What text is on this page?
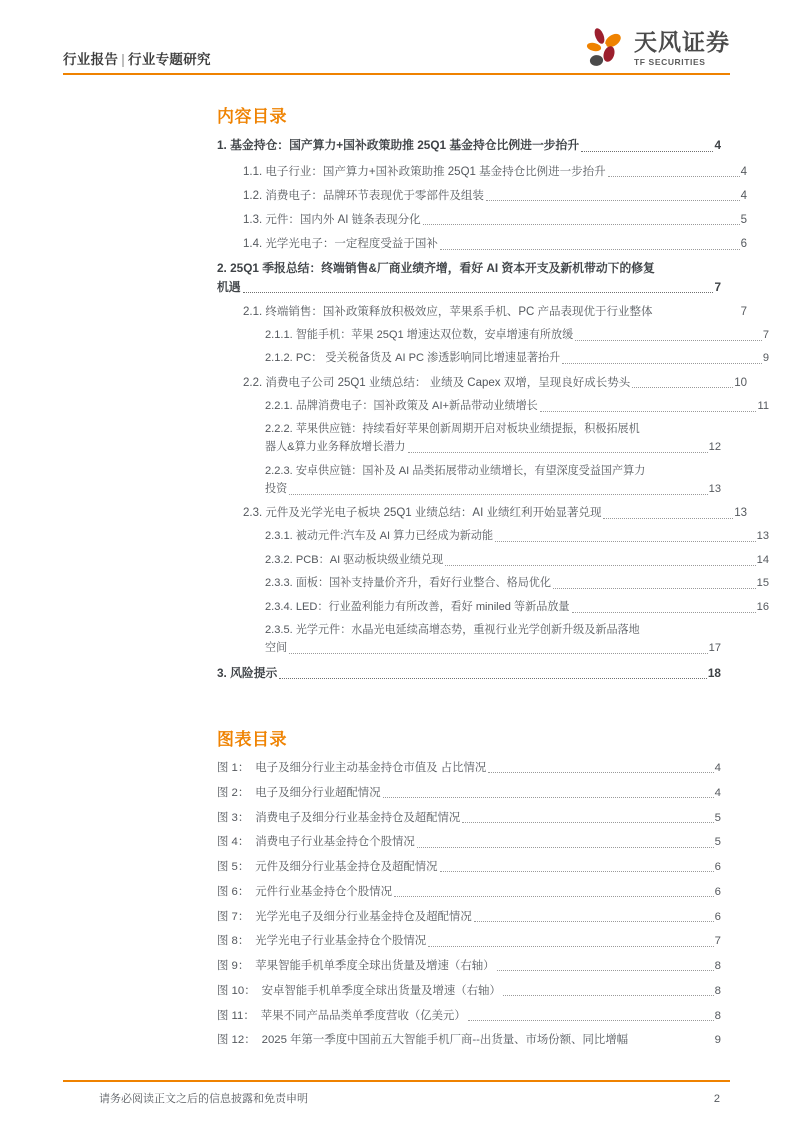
行业报告 | 行业专题研究
天风证券
TF SECURITIES
内容目录
1. 基金持仓：国产算力+国补政策助推 25Q1 基金持仓比例进一步抬升	4
1.1. 电子行业：国产算力+国补政策助推 25Q1 基金持仓比例进一步抬升	4
1.2. 消费电子：品牌环节表现优于零部件及组装	4
1.3. 元件：国内外 AI 链条表现分化	5
1.4. 光学光电子：一定程度受益于国补	6
2. 25Q1 季报总结：终端销售&厂商业绩齐增，看好 AI 资本开支及新机带动下的修复
机遇	7
2.1. 终端销售：国补政策释放积极效应，苹果系手机、PC 产品表现优于行业整体	7
2.1.1. 智能手机：苹果 25Q1 增速达双位数，安卓增速有所放缓	7
2.1.2. PC： 受关税备货及 AI PC 渗透影响同比增速显著抬升	9
2.2. 消费电子公司 25Q1 业绩总结： 业绩及 Capex 双增，呈现良好成长势头	10
2.2.1. 品牌消费电子：国补政策及 AI+新品带动业绩增长	11
2.2.2. 苹果供应链：持续看好苹果创新周期开启对板块业绩提振，积极拓展机
器人&算力业务释放增长潜力	12
2.2.3. 安卓供应链：国补及 AI 品类拓展带动业绩增长，有望深度受益国产算力
投资	13
2.3. 元件及光学光电子板块 25Q1 业绩总结：AI 业绩红利开始显著兑现	13
2.3.1. 被动元件:汽车及 AI 算力已经成为新动能	13
2.3.2. PCB：AI 驱动板块级业绩兑现	14
2.3.3. 面板：国补支持量价齐升，看好行业整合、格局优化	15
2.3.4. LED：行业盈利能力有所改善，看好 miniled 等新品放量	16
2.3.5. 光学元件：水晶光电延续高增态势，重视行业光学创新升级及新品落地
空间	17
3. 风险提示	18
图表目录
图 1： 电子及细分行业主动基金持仓市值及 占比情况	4
图 2： 电子及细分行业超配情况	4
图 3： 消费电子及细分行业基金持仓及超配情况	5
图 4： 消费电子行业基金持仓个股情况	5
图 5： 元件及细分行业基金持仓及超配情况	6
图 6： 元件行业基金持仓个股情况	6
图 7： 光学光电子及细分行业基金持仓及超配情况	6
图 8： 光学光电子行业基金持仓个股情况	7
图 9： 苹果智能手机单季度全球出货量及增速（右轴）	8
图 10： 安卓智能手机单季度全球出货量及增速（右轴）	8
图 11： 苹果不同产品品类单季度营收（亿美元）	8
图 12： 2025 年第一季度中国前五大智能手机厂商--出货量、市场份额、同比增幅	9
请务必阅读正文之后的信息披露和免责申明	2
